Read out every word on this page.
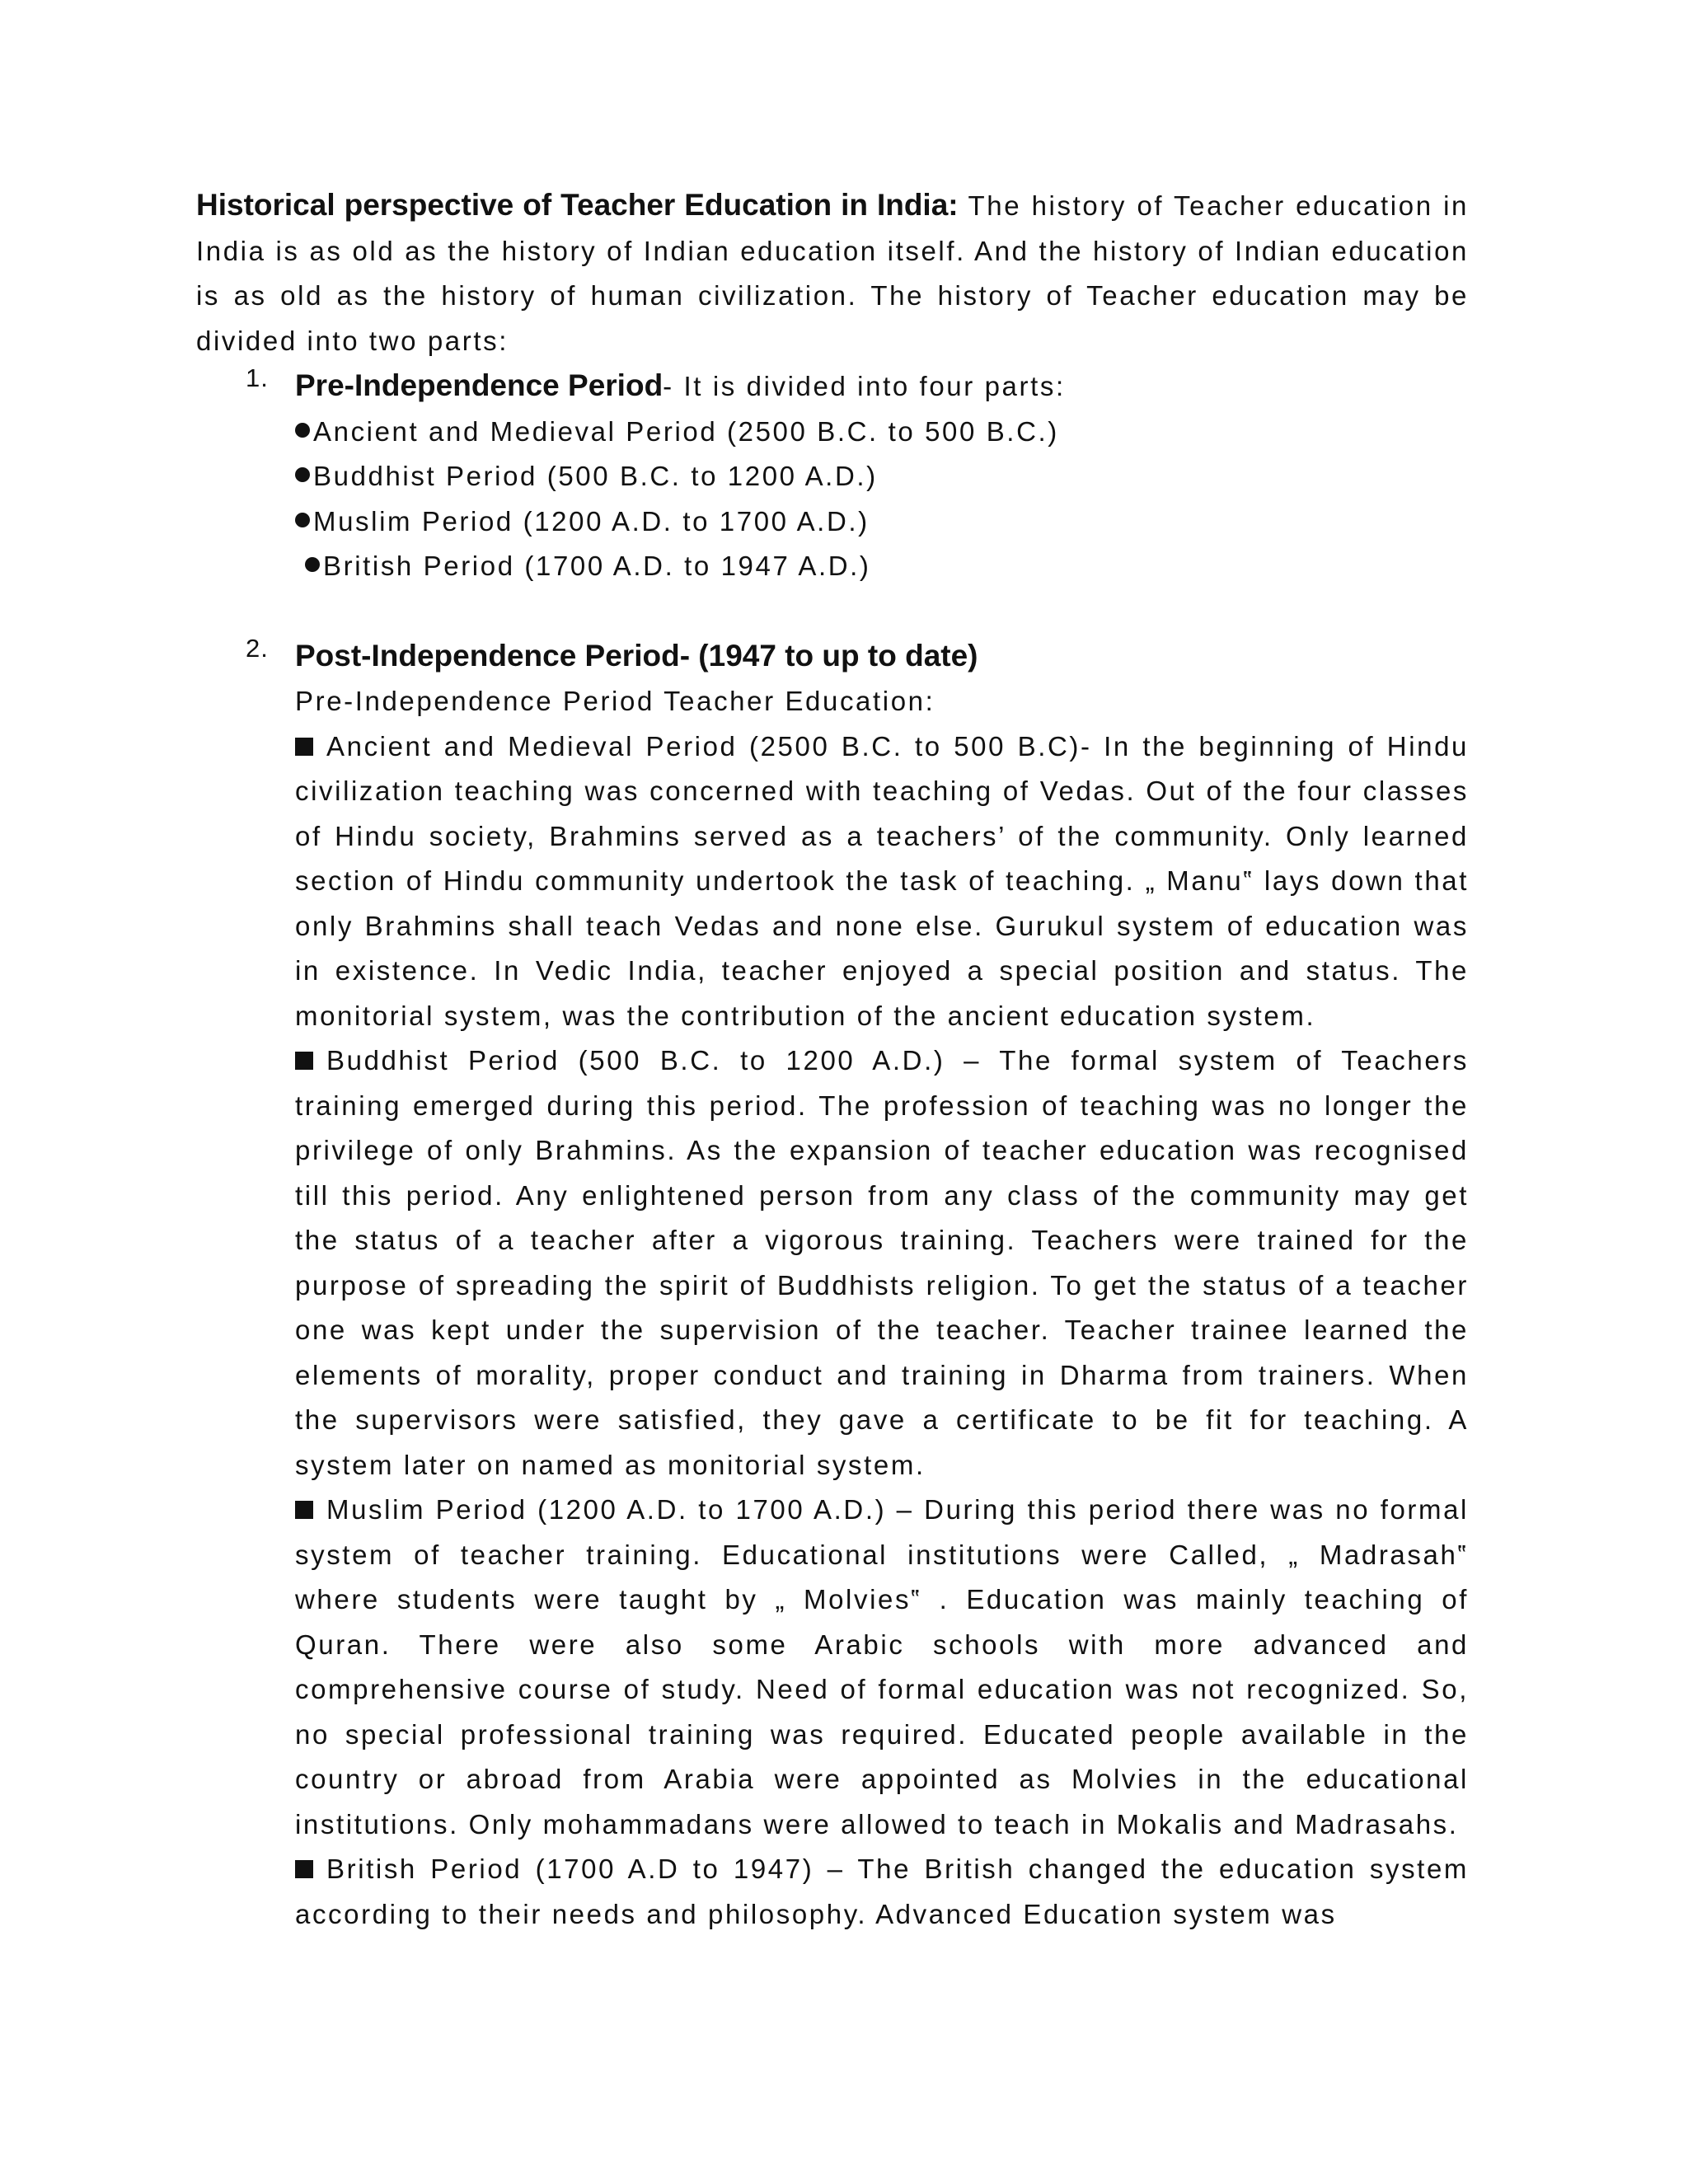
Historical perspective of Teacher Education in India: The history of Teacher education in India is as old as the history of Indian education itself. And the history of Indian education is as old as the history of human civilization. The history of Teacher education may be divided into two parts:
1. Pre-Independence Period- It is divided into four parts:
Ancient and Medieval Period (2500 B.C. to 500 B.C.)
Buddhist Period (500 B.C. to 1200 A.D.)
Muslim Period (1200 A.D. to 1700 A.D.)
British Period (1700 A.D. to 1947 A.D.)
2. Post-Independence Period- (1947 to up to date)
Pre-Independence Period Teacher Education:
Ancient and Medieval Period (2500 B.C. to 500 B.C)- In the beginning of Hindu civilization teaching was concerned with teaching of Vedas. Out of the four classes of Hindu society, Brahmins served as a teachers’ of the community. Only learned section of Hindu community undertook the task of teaching. „ Manu‟ lays down that only Brahmins shall teach Vedas and none else. Gurukul system of education was in existence. In Vedic India, teacher enjoyed a special position and status. The monitorial system, was the contribution of the ancient education system.
Buddhist Period (500 B.C. to 1200 A.D.) – The formal system of Teachers training emerged during this period. The profession of teaching was no longer the privilege of only Brahmins. As the expansion of teacher education was recognised till this period. Any enlightened person from any class of the community may get the status of a teacher after a vigorous training. Teachers were trained for the purpose of spreading the spirit of Buddhists religion. To get the status of a teacher one was kept under the supervision of the teacher. Teacher trainee learned the elements of morality, proper conduct and training in Dharma from trainers. When the supervisors were satisfied, they gave a certificate to be fit for teaching. A system later on named as monitorial system.
Muslim Period (1200 A.D. to 1700 A.D.) – During this period there was no formal system of teacher training. Educational institutions were Called, „ Madrasah‟ where students were taught by „ Molvies‟ . Education was mainly teaching of Quran. There were also some Arabic schools with more advanced and comprehensive course of study. Need of formal education was not recognized. So, no special professional training was required. Educated people available in the country or abroad from Arabia were appointed as Molvies in the educational institutions. Only mohammadans were allowed to teach in Mokalis and Madrasahs.
British Period (1700 A.D to 1947) – The British changed the education system according to their needs and philosophy. Advanced Education system was
